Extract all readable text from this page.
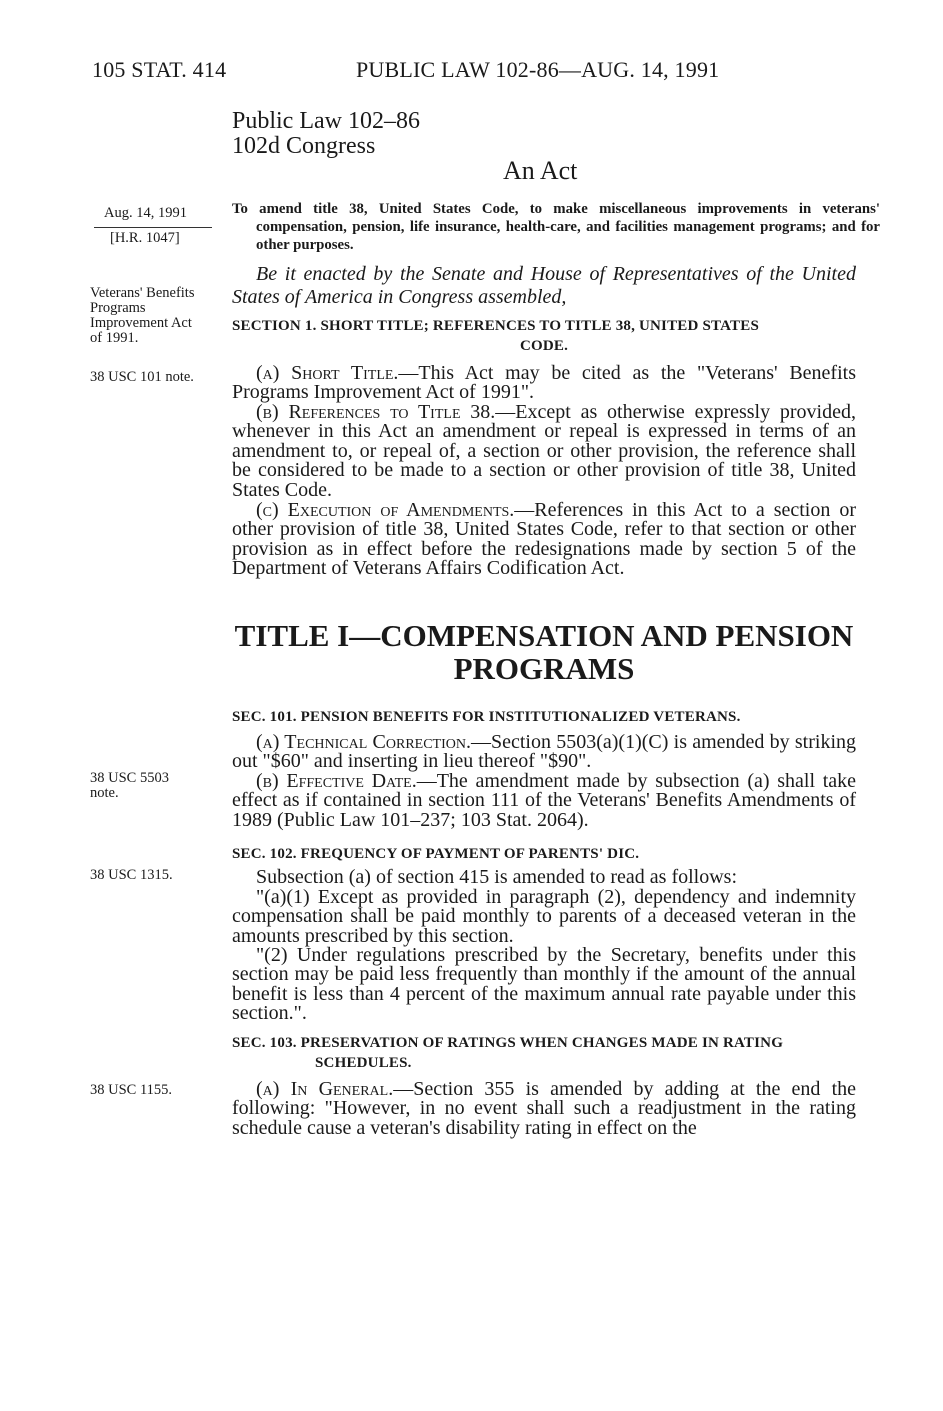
105 STAT. 414	PUBLIC LAW 102-86—AUG. 14, 1991
Public Law 102–86
102d Congress
An Act
Aug. 14, 1991
[H.R. 1047]
Veterans' Benefits Programs Improvement Act of 1991.
38 USC 101 note.
38 USC 5503 note.
38 USC 1315.
38 USC 1155.
To amend title 38, United States Code, to make miscellaneous improvements in veterans' compensation, pension, life insurance, health-care, and facilities management programs; and for other purposes.
Be it enacted by the Senate and House of Representatives of the United States of America in Congress assembled,
SECTION 1. SHORT TITLE; REFERENCES TO TITLE 38, UNITED STATES
CODE.
(a) Short Title.—This Act may be cited as the "Veterans' Benefits Programs Improvement Act of 1991".
(b) References to Title 38.—Except as otherwise expressly provided, whenever in this Act an amendment or repeal is expressed in terms of an amendment to, or repeal of, a section or other provision, the reference shall be considered to be made to a section or other provision of title 38, United States Code.
(c) Execution of Amendments.—References in this Act to a section or other provision of title 38, United States Code, refer to that section or other provision as in effect before the redesignations made by section 5 of the Department of Veterans Affairs Codification Act.
TITLE I—COMPENSATION AND PENSION PROGRAMS
SEC. 101. PENSION BENEFITS FOR INSTITUTIONALIZED VETERANS.
(a) Technical Correction.—Section 5503(a)(1)(C) is amended by striking out "$60" and inserting in lieu thereof "$90".
(b) Effective Date.—The amendment made by subsection (a) shall take effect as if contained in section 111 of the Veterans' Benefits Amendments of 1989 (Public Law 101–237; 103 Stat. 2064).
SEC. 102. FREQUENCY OF PAYMENT OF PARENTS' DIC.
Subsection (a) of section 415 is amended to read as follows:
"(a)(1) Except as provided in paragraph (2), dependency and indemnity compensation shall be paid monthly to parents of a deceased veteran in the amounts prescribed by this section.
"(2) Under regulations prescribed by the Secretary, benefits under this section may be paid less frequently than monthly if the amount of the annual benefit is less than 4 percent of the maximum annual rate payable under this section.".
SEC. 103. PRESERVATION OF RATINGS WHEN CHANGES MADE IN RATING
SCHEDULES.
(a) In General.—Section 355 is amended by adding at the end the following: "However, in no event shall such a readjustment in the rating schedule cause a veteran's disability rating in effect on the
